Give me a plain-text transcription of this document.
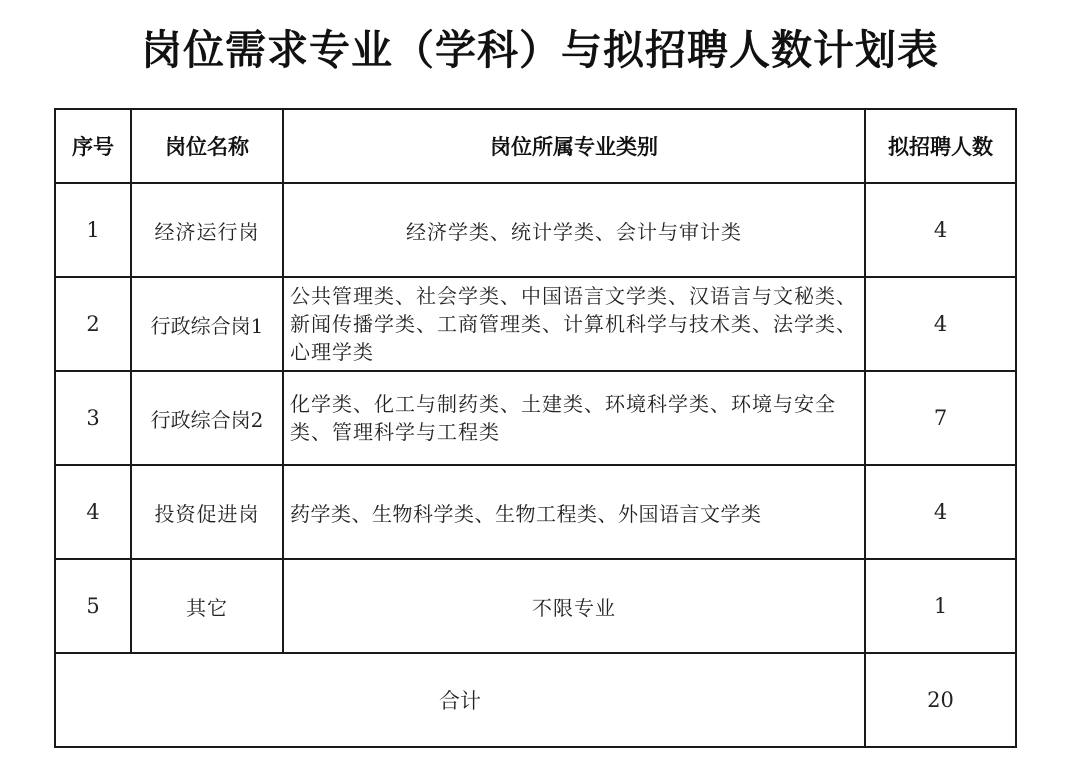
岗位需求专业（学科）与拟招聘人数计划表
序号	岗位名称	岗位所属专业类别	拟招聘人数
1	经济运行岗	经济学类、统计学类、会计与审计类	4
2	行政综合岗1	公共管理类、社会学类、中国语言文学类、汉语言与文秘类、新闻传播学类、工商管理类、计算机科学与技术类、法学类、心理学类	4
3	行政综合岗2	化学类、化工与制药类、土建类、环境科学类、环境与安全类、管理科学与工程类	7
4	投资促进岗	药学类、生物科学类、生物工程类、外国语言文学类	4
5	其它	不限专业	1
合计			20
